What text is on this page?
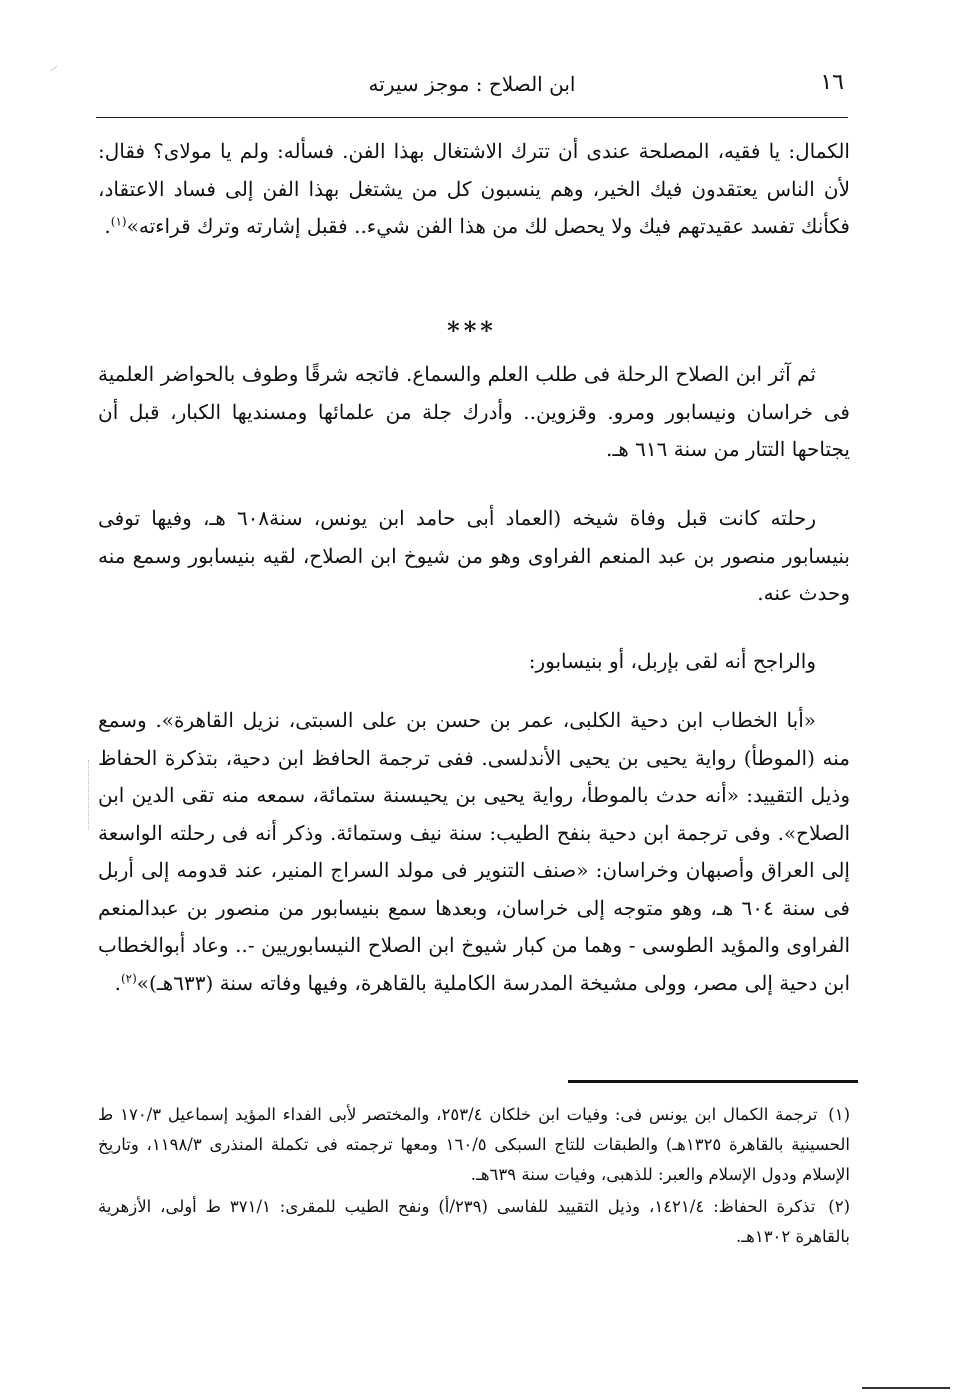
١٦
ابن الصلاح : موجز سيرته

الكمال: يا فقيه، المصلحة عندى أن تترك الاشتغال بهذا الفن. فسأله: ولم يا مولاى؟ فقال: لأن الناس يعتقدون فيك الخير، وهم ينسبون كل من يشتغل بهذا الفن إلى فساد الاعتقاد، فكأنك تفسد عقيدتهم فيك ولا يحصل لك من هذا الفن شيء.. فقبل إشارته وترك قراءته»$^{(١)}$.

***

ثم آثر ابن الصلاح الرحلة فى طلب العلم والسماع. فاتجه شرقًا وطوف بالحواضر العلمية فى خراسان ونيسابور ومرو. وقزوين.. وأدرك جلة من علمائها ومسنديها الكبار، قبل أن يجتاحها التتار من سنة ٦١٦ هـ.

رحلته كانت قبل وفاة شيخه (العماد أبى حامد ابن يونس، سنة٦٠٨ هـ، وفيها توفى بنيسابور منصور بن عبد المنعم الفراوى وهو من شيوخ ابن الصلاح، لقيه بنيسابور وسمع منه وحدث عنه.

والراجح أنه لقى بإربل، أو بنيسابور:

«أبا الخطاب ابن دحية الكلبى، عمر بن حسن بن على السبتى، نزيل القاهرة». وسمع منه (الموطأ) رواية يحيى بن يحيى الأندلسى. ففى ترجمة الحافظ ابن دحية، بتذكرة الحفاظ وذيل التقييد: «أنه حدث بالموطأ، رواية يحيى بن يحيىسنة ستمائة، سمعه منه تقى الدين ابن الصلاح». وفى ترجمة ابن دحية بنفح الطيب: سنة نيف وستمائة. وذكر أنه فى رحلته الواسعة إلى العراق وأصبهان وخراسان: «صنف التنوير فى مولد السراج المنير، عند قدومه إلى أربل فى سنة ٦٠٤ هـ، وهو متوجه إلى خراسان، وبعدها سمع بنيسابور من منصور بن عبدالمنعم الفراوى والمؤيد الطوسى - وهما من كبار شيوخ ابن الصلاح النيسابوريين -.. وعاد أبوالخطاب ابن دحية إلى مصر، وولى مشيخة المدرسة الكاملية بالقاهرة، وفيها وفاته سنة (٦٣٣هـ)»$^{(٢)}$.

(١) ترجمة الكمال ابن يونس فى: وفيات ابن خلكان ٢٥٣/٤، والمختصر لأبى الفداء المؤيد إسماعيل ١٧٠/٣ ط الحسينية بالقاهرة ١٣٢٥هـ) والطبقات للتاج السبكى ١٦٠/٥ ومعها ترجمته فى تكملة المنذرى ١١٩٨/٣، وتاريخ الإسلام ودول الإسلام والعبر: للذهبى، وفيات سنة ٦٣٩هـ.

(٢) تذكرة الحفاظ: ١٤٢١/٤، وذيل التقييد للفاسى (٢٣٩/أ) ونفح الطيب للمقرى: ٣٧١/١ ط أولى، الأزهرية بالقاهرة ١٣٠٢هـ.
